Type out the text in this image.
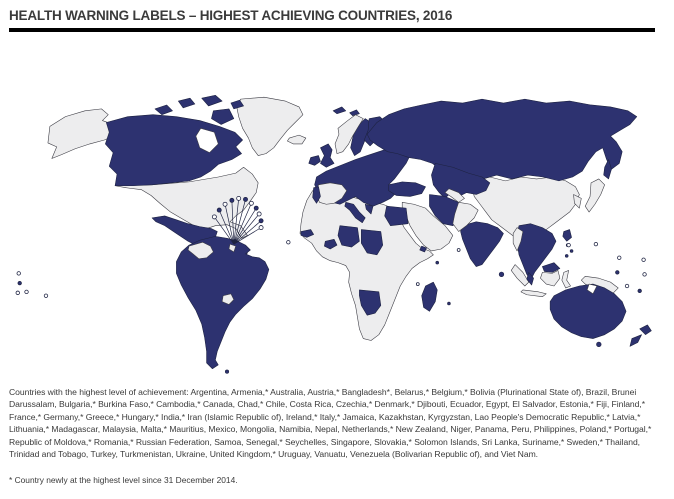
HEALTH WARNING LABELS – HIGHEST ACHIEVING COUNTRIES, 2016
Countries with the highest level of achievement: Argentina, Armenia,* Australia, Austria,* Bangladesh*, Belarus,* Belgium,* Bolivia (Plurinational State of), Brazil, Brunei Darussalam, Bulgaria,* Burkina Faso,* Cambodia,* Canada, Chad,* Chile, Costa Rica, Czechia,* Denmark,* Djibouti, Ecuador, Egypt, El Salvador, Estonia,* Fiji, Finland,* France,* Germany,* Greece,* Hungary,* India,* Iran (Islamic Republic of), Ireland,* Italy,* Jamaica, Kazakhstan, Kyrgyzstan, Lao People's Democratic Republic,* Latvia,* Lithuania,* Madagascar, Malaysia, Malta,* Mauritius, Mexico, Mongolia, Namibia, Nepal, Netherlands,* New Zealand, Niger, Panama, Peru, Philippines, Poland,* Portugal,* Republic of Moldova,* Romania,* Russian Federation, Samoa, Senegal,* Seychelles, Singapore, Slovakia,* Solomon Islands, Sri Lanka, Suriname,* Sweden,* Thailand, Trinidad and Tobago, Turkey, Turkmenistan, Ukraine, United Kingdom,* Uruguay, Vanuatu, Venezuela (Bolivarian Republic of), and Viet Nam.
* Country newly at the highest level since 31 December 2014.
